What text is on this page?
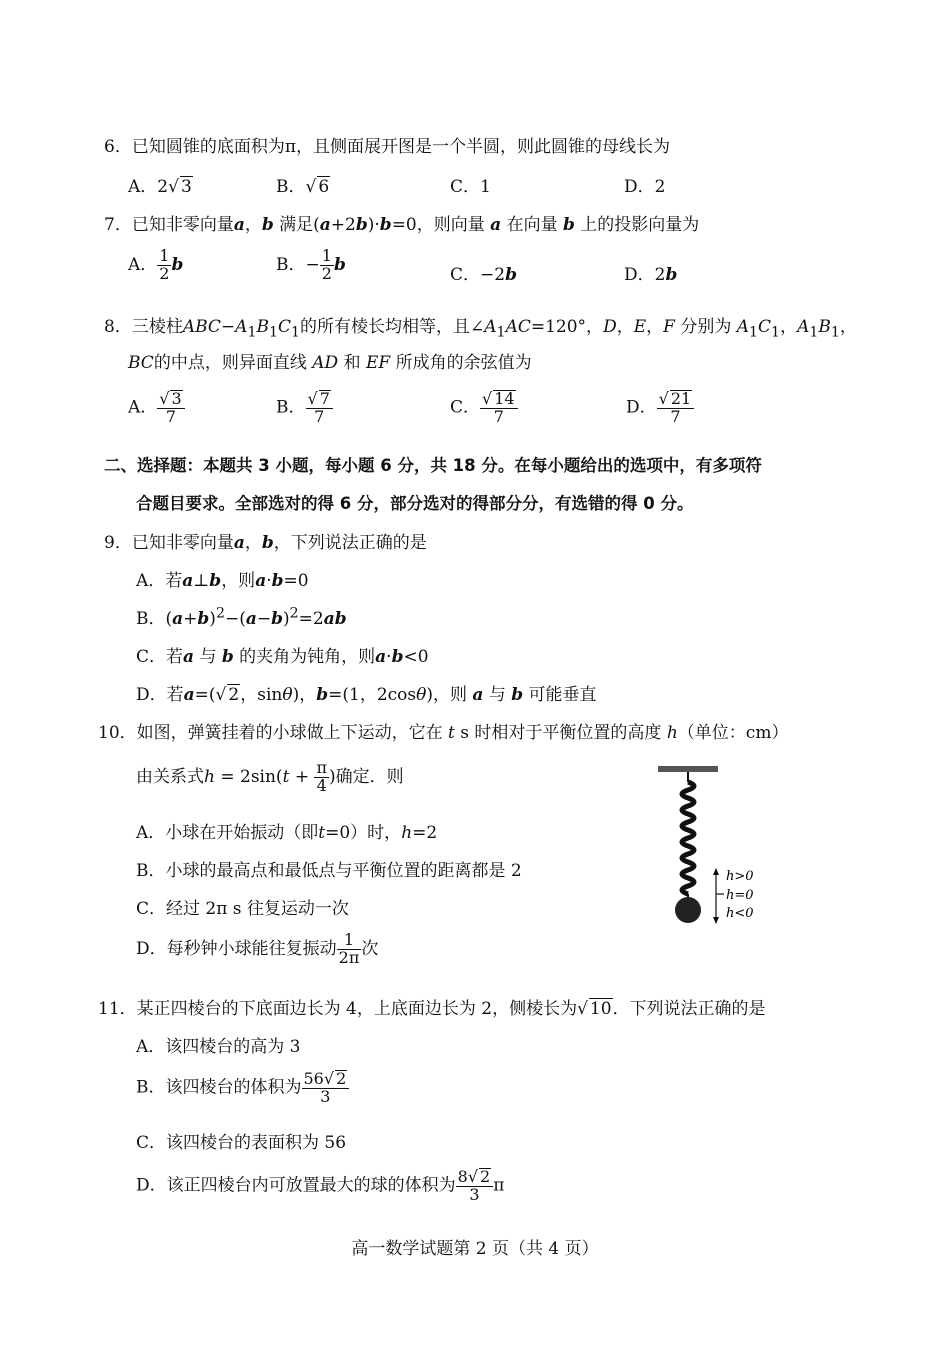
6．已知圆锥的底面积为π，且侧面展开图是一个半圆，则此圆锥的母线长为
A．2√ 3	B．√ 6	C．1	D．2
7．已知非零向量a，b 满足(a+2b)·b=0，则向量 a 在向量 b 上的投影向量为
A． $\frac{1}{2}$ b	B．− $\frac{1}{2}$ b
C．−2b	D．2b
8．三棱柱$ABC-A_1B_1C_1$的所有棱长均相等，且$\angle A_1AC=120^\circ$，D，E，F 分别为 $A_1C_1$，$A_1B_1$，
BC的中点，则异面直线 AD 和 EF 所成角的余弦值为
A． $\frac{√ 3}{7}$	B． $\frac{√ 7}{7}$	C． $\frac{√ 14}{7}$	D． $\frac{√ 21}{7}$
二、选择题：本题共 3 小题，每小题 6 分，共 18 分。在每小题给出的选项中，有多项符
合题目要求。全部选对的得 6 分，部分选对的得部分分，有选错的得 0 分。
9．已知非零向量a，b，下列说法正确的是
A．若a⊥b，则a·b=0
B．$(a+b)^2-(a-b)^2=2ab$
C．若a 与 b 的夹角为钝角，则a·b<0
D．若a=(√ 2，sinθ)，b=(1，2cosθ)，则 a 与 b 可能垂直
10．如图，弹簧挂着的小球做上下运动，它在 t s 时相对于平衡位置的高度 h（单位：cm）
由关系式$h = 2\sin(t + \frac{\pi}{4}$ )确定．则
A．小球在开始振动（即t=0）时，h=2
B．小球的最高点和最低点与平衡位置的距离都是 2
C．经过 2π s 往复运动一次
D．每秒钟小球能往复振动 $\frac{1}{2\pi}$ 次
h>0
h=0
h<0
11．某正四棱台的下底面边长为 4，上底面边长为 2，侧棱长为√ 10．下列说法正确的是
A．该四棱台的高为 3
B．该四棱台的体积为 $\frac{56√ 2}{3}$
C．该四棱台的表面积为 56
D．该正四棱台内可放置最大的球的体积为 $\frac{8√ 2}{3}$ π
高一数学试题第 2 页（共 4 页）
